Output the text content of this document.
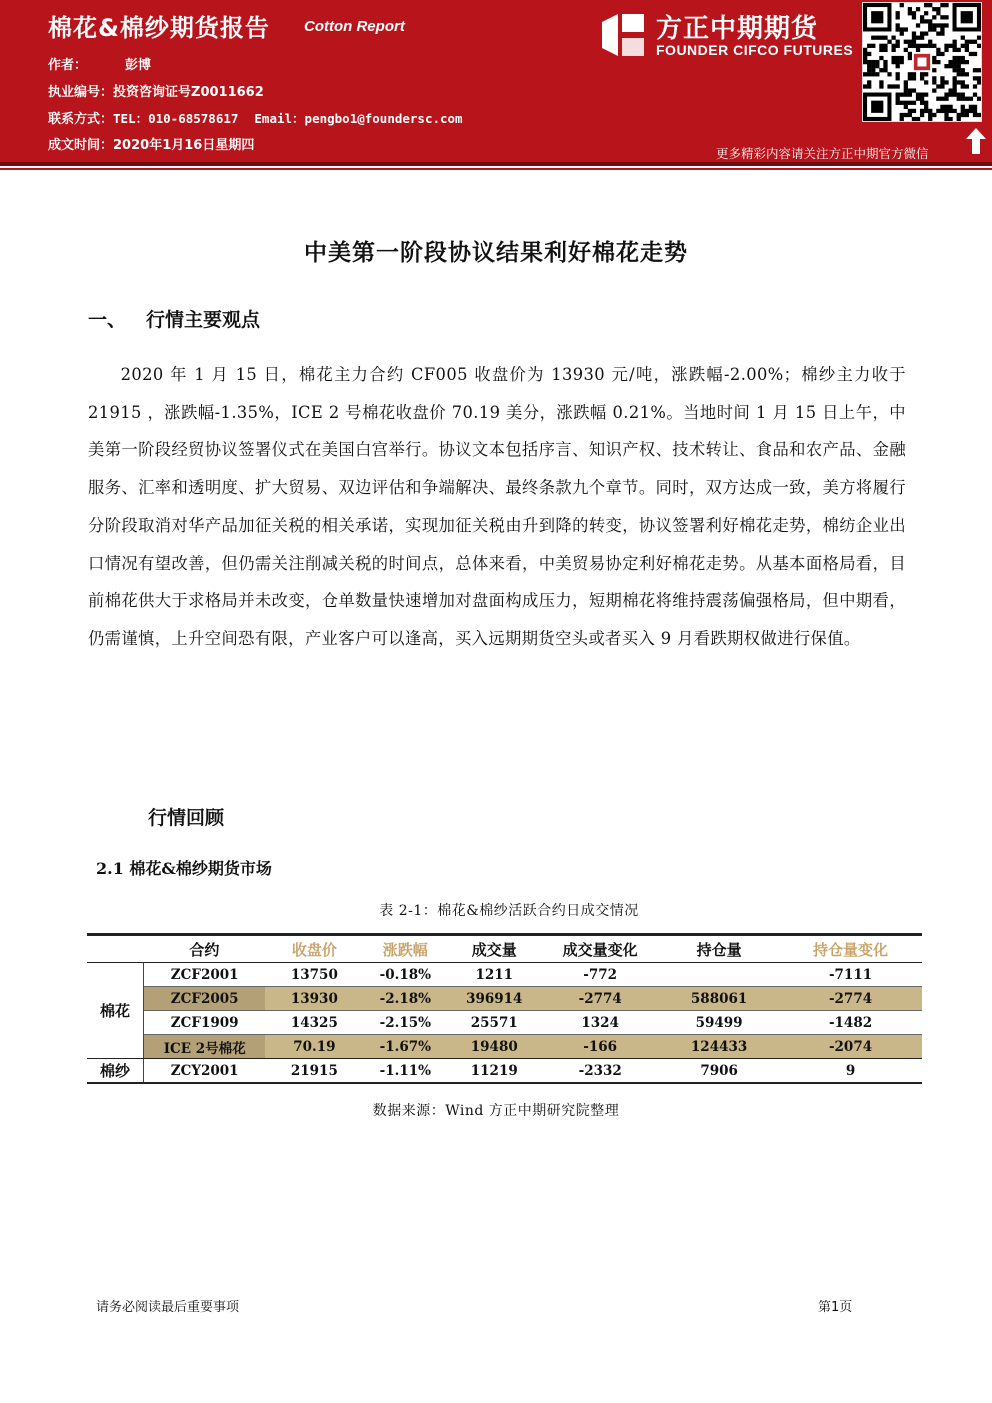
棉花&棉纱期货报告 Cotton Report
作者：	彭博
执业编号：投资咨询证号Z0011662
联系方式：TEL：010-68578617 Email：pengbo1@foundersc.com
成文时间：2020年1月16日星期四
方正中期期货
FOUNDER CIFCO FUTURES
更多精彩内容请关注方正中期官方微信
中美第一阶段协议结果利好棉花走势
一、 行情主要观点
2020 年 1 月 15 日，棉花主力合约 CF005 收盘价为 13930 元/吨，涨跌幅-2.00%；棉纱主力收于 21915 ，涨跌幅-1.35%，ICE 2 号棉花收盘价 70.19 美分，涨跌幅 0.21%。当地时间 1 月 15 日上午，中美第一阶段经贸协议签署仪式在美国白宫举行。协议文本包括序言、知识产权、技术转让、食品和农产品、金融服务、汇率和透明度、扩大贸易、双边评估和争端解决、最终条款九个章节。同时，双方达成一致，美方将履行分阶段取消对华产品加征关税的相关承诺，实现加征关税由升到降的转变，协议签署利好棉花走势，棉纺企业出口情况有望改善，但仍需关注削减关税的时间点，总体来看，中美贸易协定利好棉花走势。从基本面格局看，目前棉花供大于求格局并未改变，仓单数量快速增加对盘面构成压力，短期棉花将维持震荡偏强格局，但中期看，仍需谨慎，上升空间恐有限，产业客户可以逢高，买入远期期货空头或者买入 9 月看跌期权做进行保值。
行情回顾
2.1 棉花&棉纱期货市场
表 2-1：棉花&棉纱活跃合约日成交情况
	合约	收盘价	涨跌幅	成交量	成交量变化	持仓量	持仓量变化
棉花	ZCF2001	13750	-0.18%	1211	-772		-7111
	ZCF2005	13930	-2.18%	396914	-2774	588061	-2774
	ZCF1909	14325	-2.15%	25571	1324	59499	-1482
	ICE 2号棉花	70.19	-1.67%	19480	-166	124433	-2074
棉纱	ZCY2001	21915	-1.11%	11219	-2332	7906	9
数据来源：Wind 方正中期研究院整理
请务必阅读最后重要事项	第1页
